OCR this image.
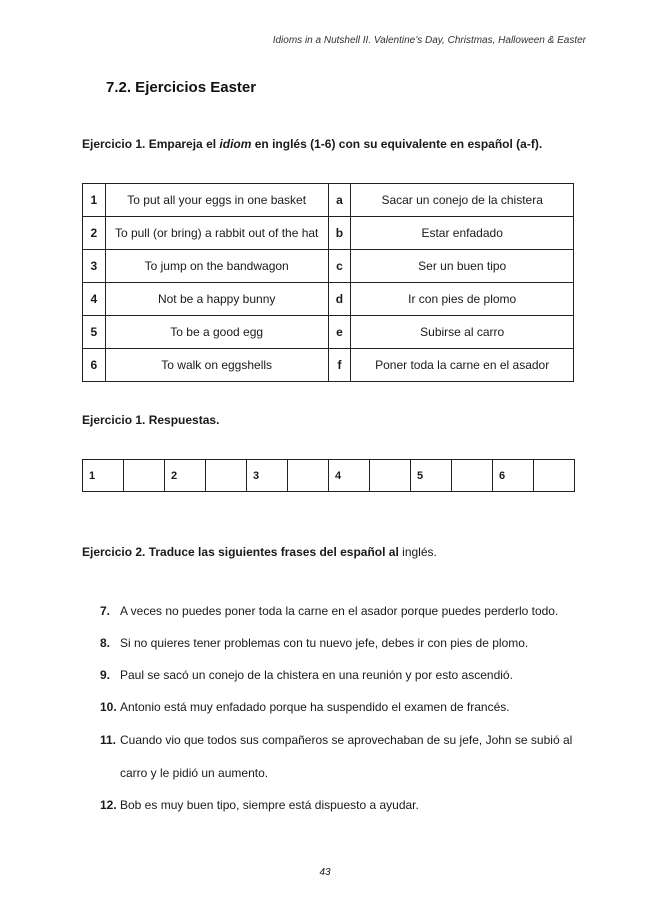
Idioms in a Nutshell II. Valentine’s Day, Christmas, Halloween & Easter
7.2. Ejercicios Easter
Ejercicio 1. Empareja el idiom en inglés (1-6) con su equivalente en español (a-f).
1	To put all your eggs in one basket	a	Sacar un conejo de la chistera
2	To pull (or bring) a rabbit out of the hat	b	Estar enfadado
3	To jump on the bandwagon	c	Ser un buen tipo
4	Not be a happy bunny	d	Ir con pies de plomo
5	To be a good egg	e	Subirse al carro
6	To walk on eggshells	f	Poner toda la carne en el asador
Ejercicio 1. Respuestas.
1		2		3		4		5		6	
Ejercicio 2. Traduce las siguientes frases del español al inglés.
7. A veces no puedes poner toda la carne en el asador porque puedes perderlo todo.
8. Si no quieres tener problemas con tu nuevo jefe, debes ir con pies de plomo.
9. Paul se sacó un conejo de la chistera en una reunión y por esto ascendió.
10. Antonio está muy enfadado porque ha suspendido el examen de francés.
11. Cuando vio que todos sus compañeros se aprovechaban de su jefe, John se subió al
carro y le pidió un aumento.
12. Bob es muy buen tipo, siempre está dispuesto a ayudar.
43
